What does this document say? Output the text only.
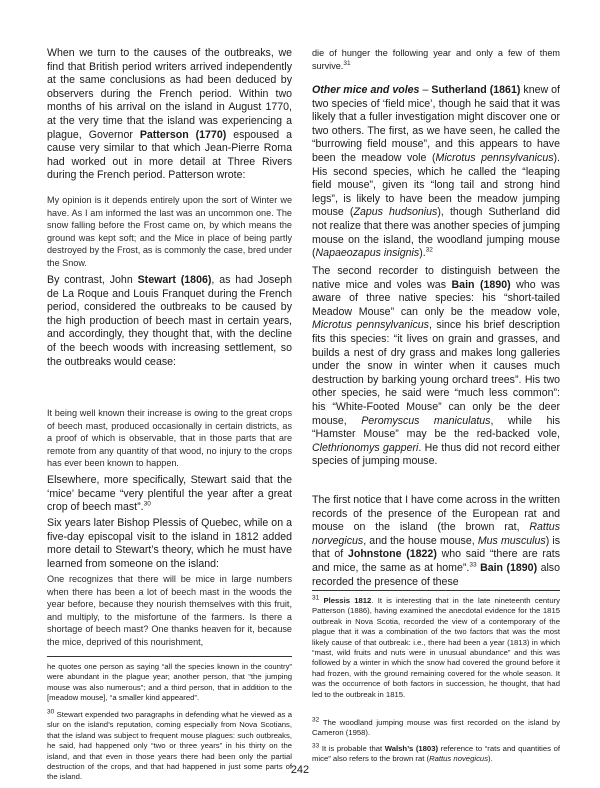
When we turn to the causes of the outbreaks, we find that British period writers arrived independently at the same conclusions as had been deduced by observers during the French period. Within two months of his arrival on the island in August 1770, at the very time that the island was experiencing a plague, Governor Patterson (1770) espoused a cause very similar to that which Jean-Pierre Roma had worked out in more detail at Three Rivers during the French period. Patterson wrote:

My opinion is it depends entirely upon the sort of Winter we have. As I am informed the last was an uncommon one. The snow falling before the Frost came on, by which means the ground was kept soft; and the Mice in place of being partly destroyed by the Frost, as is commonly the case, bred under the Snow.

By contrast, John Stewart (1806), as had Joseph de La Roque and Louis Franquet during the French period, considered the outbreaks to be caused by the high production of beech mast in certain years, and accordingly, they thought that, with the decline of the beech woods with increasing settlement, so the outbreaks would cease:

It being well known their increase is owing to the great crops of beech mast, produced occasionally in certain districts, as a proof of which is observable, that in those parts that are remote from any quantity of that wood, no injury to the crops has ever been known to happen.

Elsewhere, more specifically, Stewart said that the ‘mice’ became “very plentiful the year after a great crop of beech mast”.$^{30}$

Six years later Bishop Plessis of Quebec, while on a five-day episcopal visit to the island in 1812 added more detail to Stewart’s theory, which he must have learned from someone on the island:

One recognizes that there will be mice in large numbers when there has been a lot of beech mast in the woods the year before, because they nourish themselves with this fruit, and multiply, to the misfortune of the farmers. Is there a shortage of beech mast? One thanks heaven for it, because the mice, deprived of this nourishment,

he quotes one person as saying “all the species known in the country” were abundant in the plague year; another person, that “the jumping mouse was also numerous”; and a third person, that in addition to the [meadow mouse], “a smaller kind appeared”.

$^{30}$ Stewart expended two paragraphs in defending what he viewed as a slur on the island’s reputation, coming especially from Nova Scotians, that the island was subject to frequent mouse plagues: such outbreaks, he said, had happened only “two or three years” in his thirty on the island, and that even in those years there had been only the partial destruction of the crops, and that had happened in just some parts of the island.

die of hunger the following year and only a few of them survive.$^{31}$

Other mice and voles – Sutherland (1861) knew of two species of ‘field mice’, though he said that it was likely that a fuller investigation might discover one or two others. The first, as we have seen, he called the “burrowing field mouse”, and this appears to have been the meadow vole (Microtus pennsylvanicus). His second species, which he called the “leaping field mouse”, given its “long tail and strong hind legs”, is likely to have been the meadow jumping mouse (Zapus hudsonius), though Sutherland did not realize that there was another species of jumping mouse on the island, the woodland jumping mouse (Napaeozapus insignis).$^{32}$

The second recorder to distinguish between the native mice and voles was Bain (1890) who was aware of three native species: his “short-tailed Meadow Mouse” can only be the meadow vole, Microtus pennsylvanicus, since his brief description fits this species: “it lives on grain and grasses, and builds a nest of dry grass and makes long galleries under the snow in winter when it causes much destruction by barking young orchard trees”. His two other species, he said were “much less common”: his “White-Footed Mouse” can only be the deer mouse, Peromyscus maniculatus, while his “Hamster Mouse” may be the red-backed vole, Clethrionomys gapperi. He thus did not record either species of jumping mouse.

The first notice that I have come across in the written records of the presence of the European rat and mouse on the island (the brown rat, Rattus norvegicus, and the house mouse, Mus musculus) is that of Johnstone (1822) who said “there are rats and mice, the same as at home”.$^{33}$ Bain (1890) also recorded the presence of these

$^{31}$ Plessis 1812. It is interesting that in the late nineteenth century Patterson (1886), having examined the anecdotal evidence for the 1815 outbreak in Nova Scotia, recorded the view of a contemporary of the plague that it was a combination of the two factors that was the most likely cause of that outbreak: i.e., there had been a year (1813) in which “mast, wild fruits and nuts were in unusual abundance” and this was followed by a winter in which the snow had covered the ground before it had frozen, with the ground remaining covered for the whole season. It was the occurrence of both factors in succession, he thought, that had led to the outbreak in 1815.

$^{32}$ The woodland jumping mouse was first recorded on the island by Cameron (1958).

$^{33}$ It is probable that Walsh’s (1803) reference to “rats and quantities of mice” also refers to the brown rat (Rattus novegicus).

242
